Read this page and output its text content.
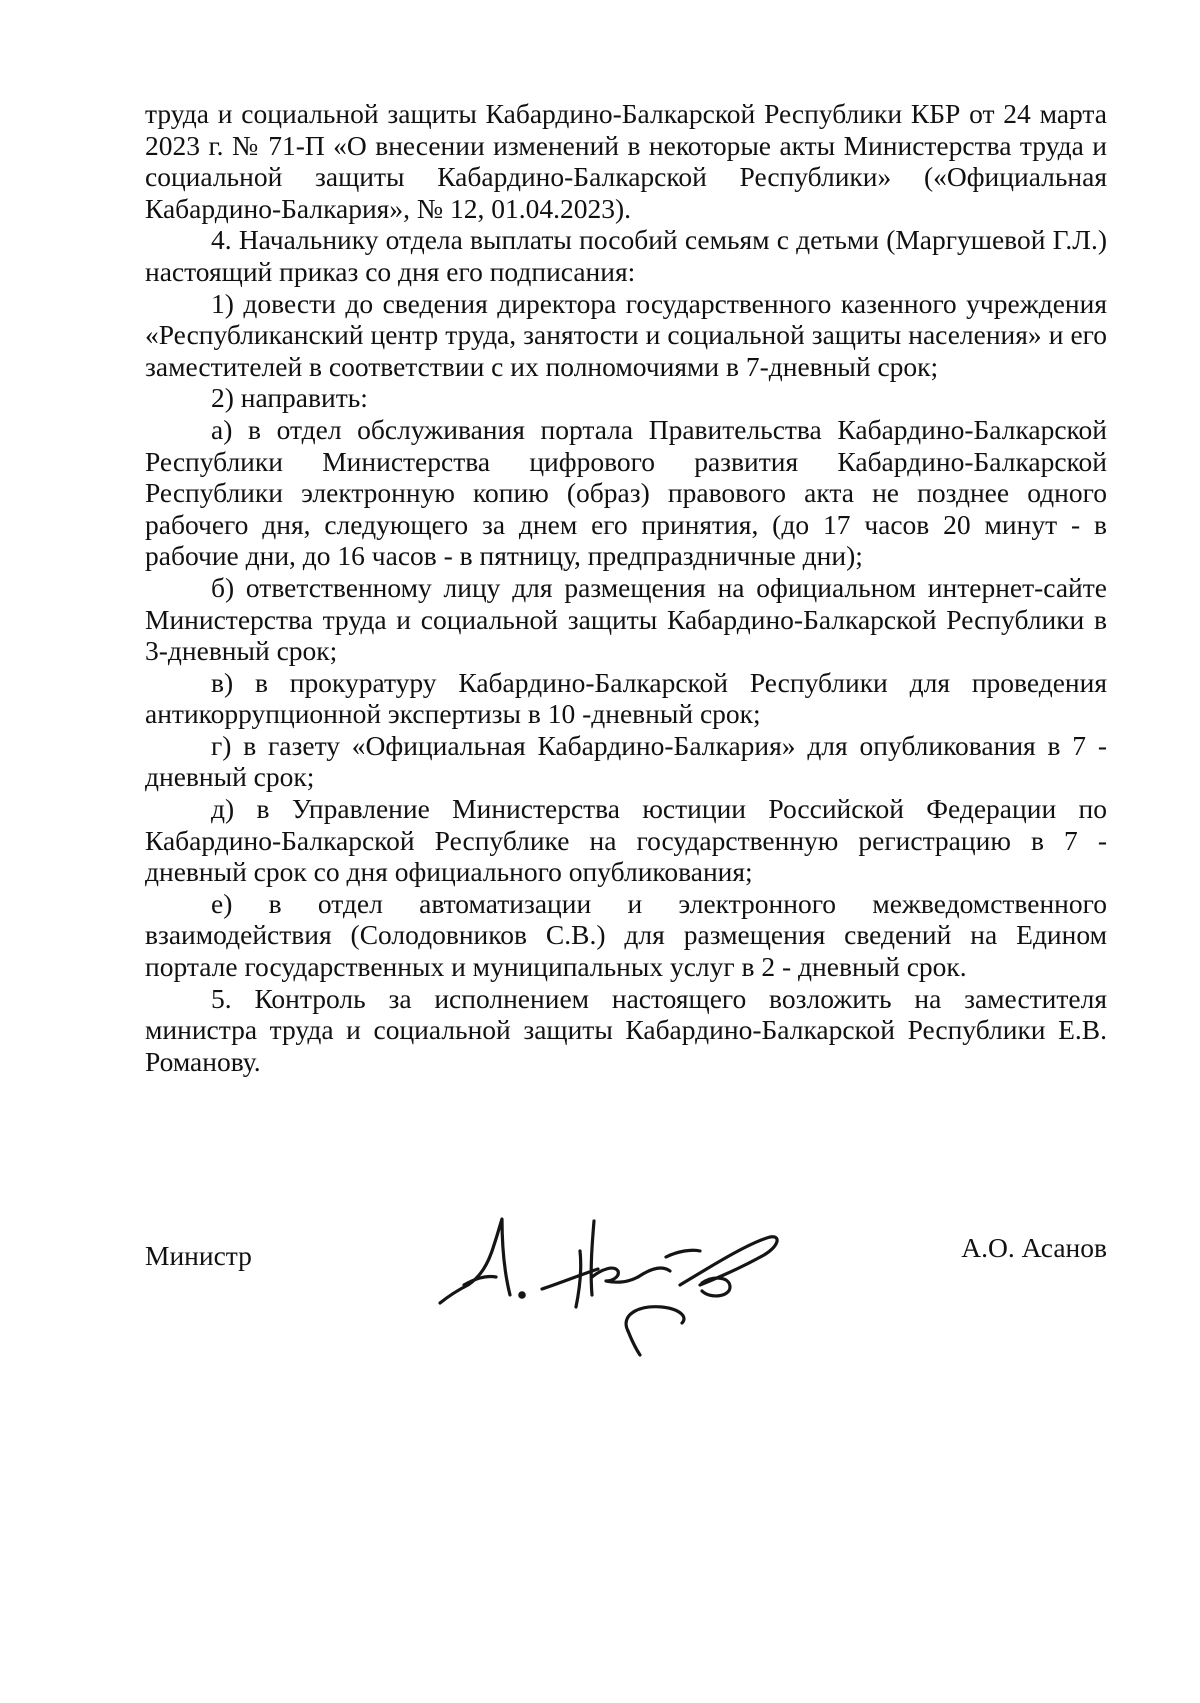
труда и социальной защиты Кабардино-Балкарской Республики КБР от 24 марта 2023 г. № 71-П «О внесении изменений в некоторые акты Министерства труда и социальной защиты Кабардино-Балкарской Республики» («Официальная Кабардино-Балкария», № 12, 01.04.2023).

4. Начальнику отдела выплаты пособий семьям с детьми (Маргушевой Г.Л.) настоящий приказ со дня его подписания:

1) довести до сведения директора государственного казенного учреждения «Республиканский центр труда, занятости и социальной защиты населения» и его заместителей в соответствии с их полномочиями в 7-дневный срок;

2) направить:

а) в отдел обслуживания портала Правительства Кабардино-Балкарской Республики Министерства цифрового развития Кабардино-Балкарской Республики электронную копию (образ) правового акта не позднее одного рабочего дня, следующего за днем его принятия, (до 17 часов 20 минут - в рабочие дни, до 16 часов - в пятницу, предпраздничные дни);

б) ответственному лицу для размещения на официальном интернет-сайте Министерства труда и социальной защиты Кабардино-Балкарской Республики в 3-дневный срок;

в) в прокуратуру Кабардино-Балкарской Республики для проведения антикоррупционной экспертизы в 10 -дневный срок;

г) в газету «Официальная Кабардино-Балкария» для опубликования в 7 - дневный срок;

д) в Управление Министерства юстиции Российской Федерации по Кабардино-Балкарской Республике на государственную регистрацию в 7 - дневный срок со дня официального опубликования;

е) в отдел автоматизации и электронного межведомственного взаимодействия (Солодовников С.В.) для размещения сведений на Едином портале государственных и муниципальных услуг в 2 - дневный срок.

5. Контроль за исполнением настоящего возложить на заместителя министра труда и социальной защиты Кабардино-Балкарской Республики Е.В. Романову.

Министр	А.О. Асанов
